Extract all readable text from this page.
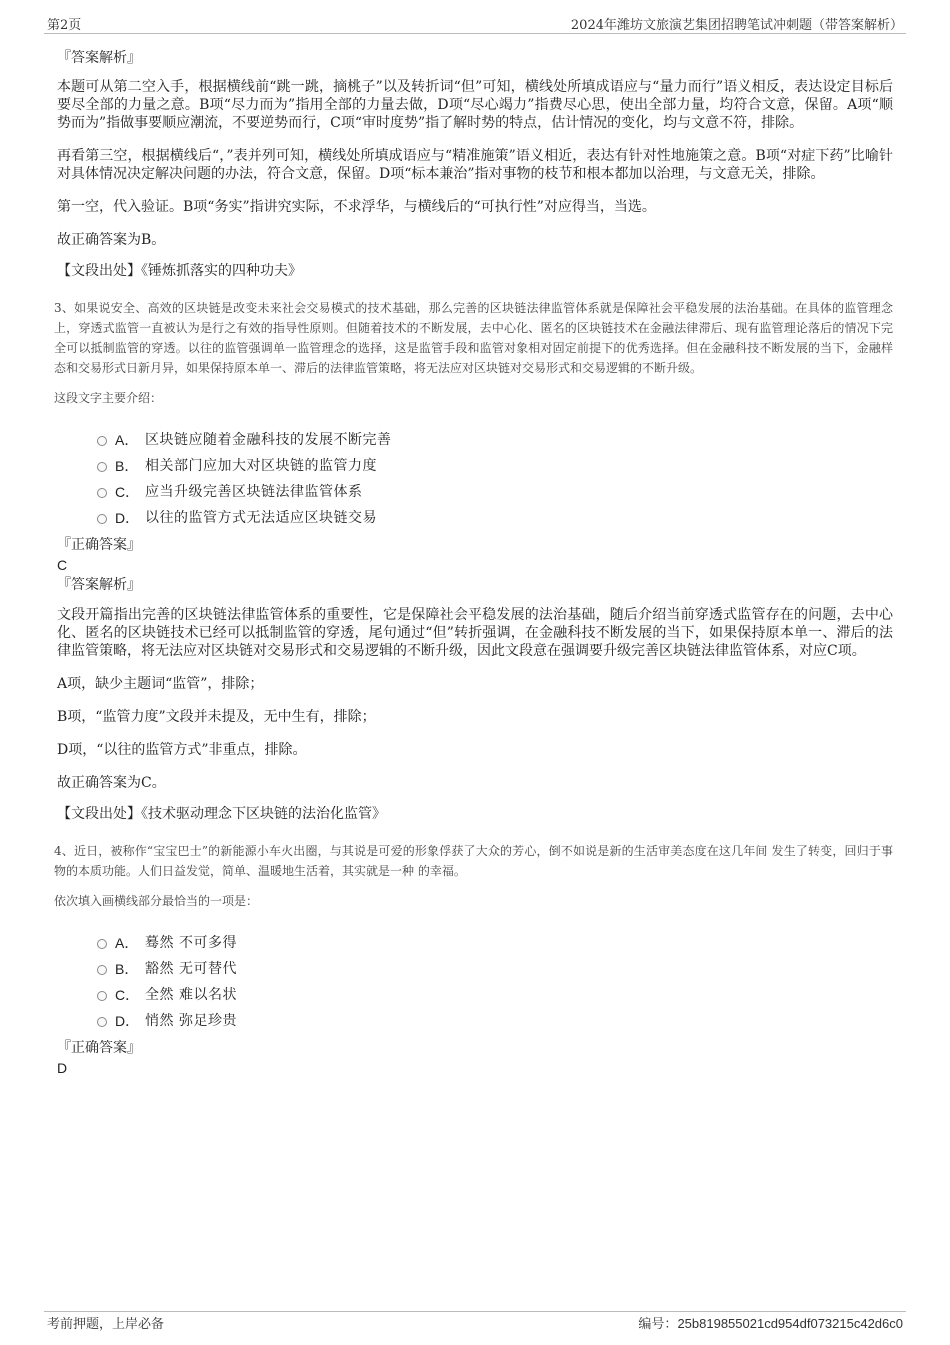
第2页	2024年潍坊文旅演艺集团招聘笔试冲刺题（带答案解析）

『答案解析』

本题可从第二空入手，根据横线前“跳一跳，摘桃子”以及转折词“但”可知，横线处所填成语应与“量力而行”语义相反，表达设定目标后要尽全部的力量之意。B项“尽力而为”指用全部的力量去做，D项“尽心竭力”指费尽心思，使出全部力量，均符合文意，保留。A项“顺势而为”指做事要顺应潮流，不要逆势而行，C项“审时度势”指了解时势的特点，估计情况的变化，均与文意不符，排除。

再看第三空，根据横线后“，”表并列可知，横线处所填成语应与“精准施策”语义相近，表达有针对性地施策之意。B项“对症下药”比喻针对具体情况决定解决问题的办法，符合文意，保留。D项“标本兼治”指对事物的枝节和根本都加以治理，与文意无关，排除。

第一空，代入验证。B项“务实”指讲究实际，不求浮华，与横线后的“可执行性”对应得当，当选。

故正确答案为B。

【文段出处】《锤炼抓落实的四种功夫》

3、如果说安全、高效的区块链是改变未来社会交易模式的技术基础，那么完善的区块链法律监管体系就是保障社会平稳发展的法治基础。在具体的监管理念上，穿透式监管一直被认为是行之有效的指导性原则。但随着技术的不断发展，去中心化、匿名的区块链技术在金融法律滞后、现有监管理论落后的情况下完全可以抵制监管的穿透。以往的监管强调单一监管理念的选择，这是监管手段和监管对象相对固定前提下的优秀选择。但在金融科技不断发展的当下，金融样态和交易形式日新月异，如果保持原本单一、滞后的法律监管策略，将无法应对区块链对交易形式和交易逻辑的不断升级。

这段文字主要介绍：

A． 区块链应随着金融科技的发展不断完善
B． 相关部门应加大对区块链的监管力度
C． 应当升级完善区块链法律监管体系
D． 以往的监管方式无法适应区块链交易

『正确答案』

C

『答案解析』

文段开篇指出完善的区块链法律监管体系的重要性，它是保障社会平稳发展的法治基础，随后介绍当前穿透式监管存在的问题，去中心化、匿名的区块链技术已经可以抵制监管的穿透，尾句通过“但”转折强调，在金融科技不断发展的当下，如果保持原本单一、滞后的法律监管策略，将无法应对区块链对交易形式和交易逻辑的不断升级，因此文段意在强调要升级完善区块链法律监管体系，对应C项。

A项，缺少主题词“监管”，排除；

B项，“监管力度”文段并未提及，无中生有，排除；

D项，“以往的监管方式”非重点，排除。

故正确答案为C。

【文段出处】《技术驱动理念下区块链的法治化监管》

4、近日，被称作“宝宝巴士”的新能源小车火出圈，与其说是可爱的形象俘获了大众的芳心，倒不如说是新的生活审美态度在这几年间 发生了转变，回归于事物的本质功能。人们日益发觉，简单、温暖地生活着，其实就是一种 的幸福。

依次填入画横线部分最恰当的一项是：

A． 蓦然 不可多得
B． 豁然 无可替代
C． 全然 难以名状
D． 悄然 弥足珍贵

『正确答案』

D

考前押题，上岸必备	编号：25b819855021cd954df073215c42d6c0
